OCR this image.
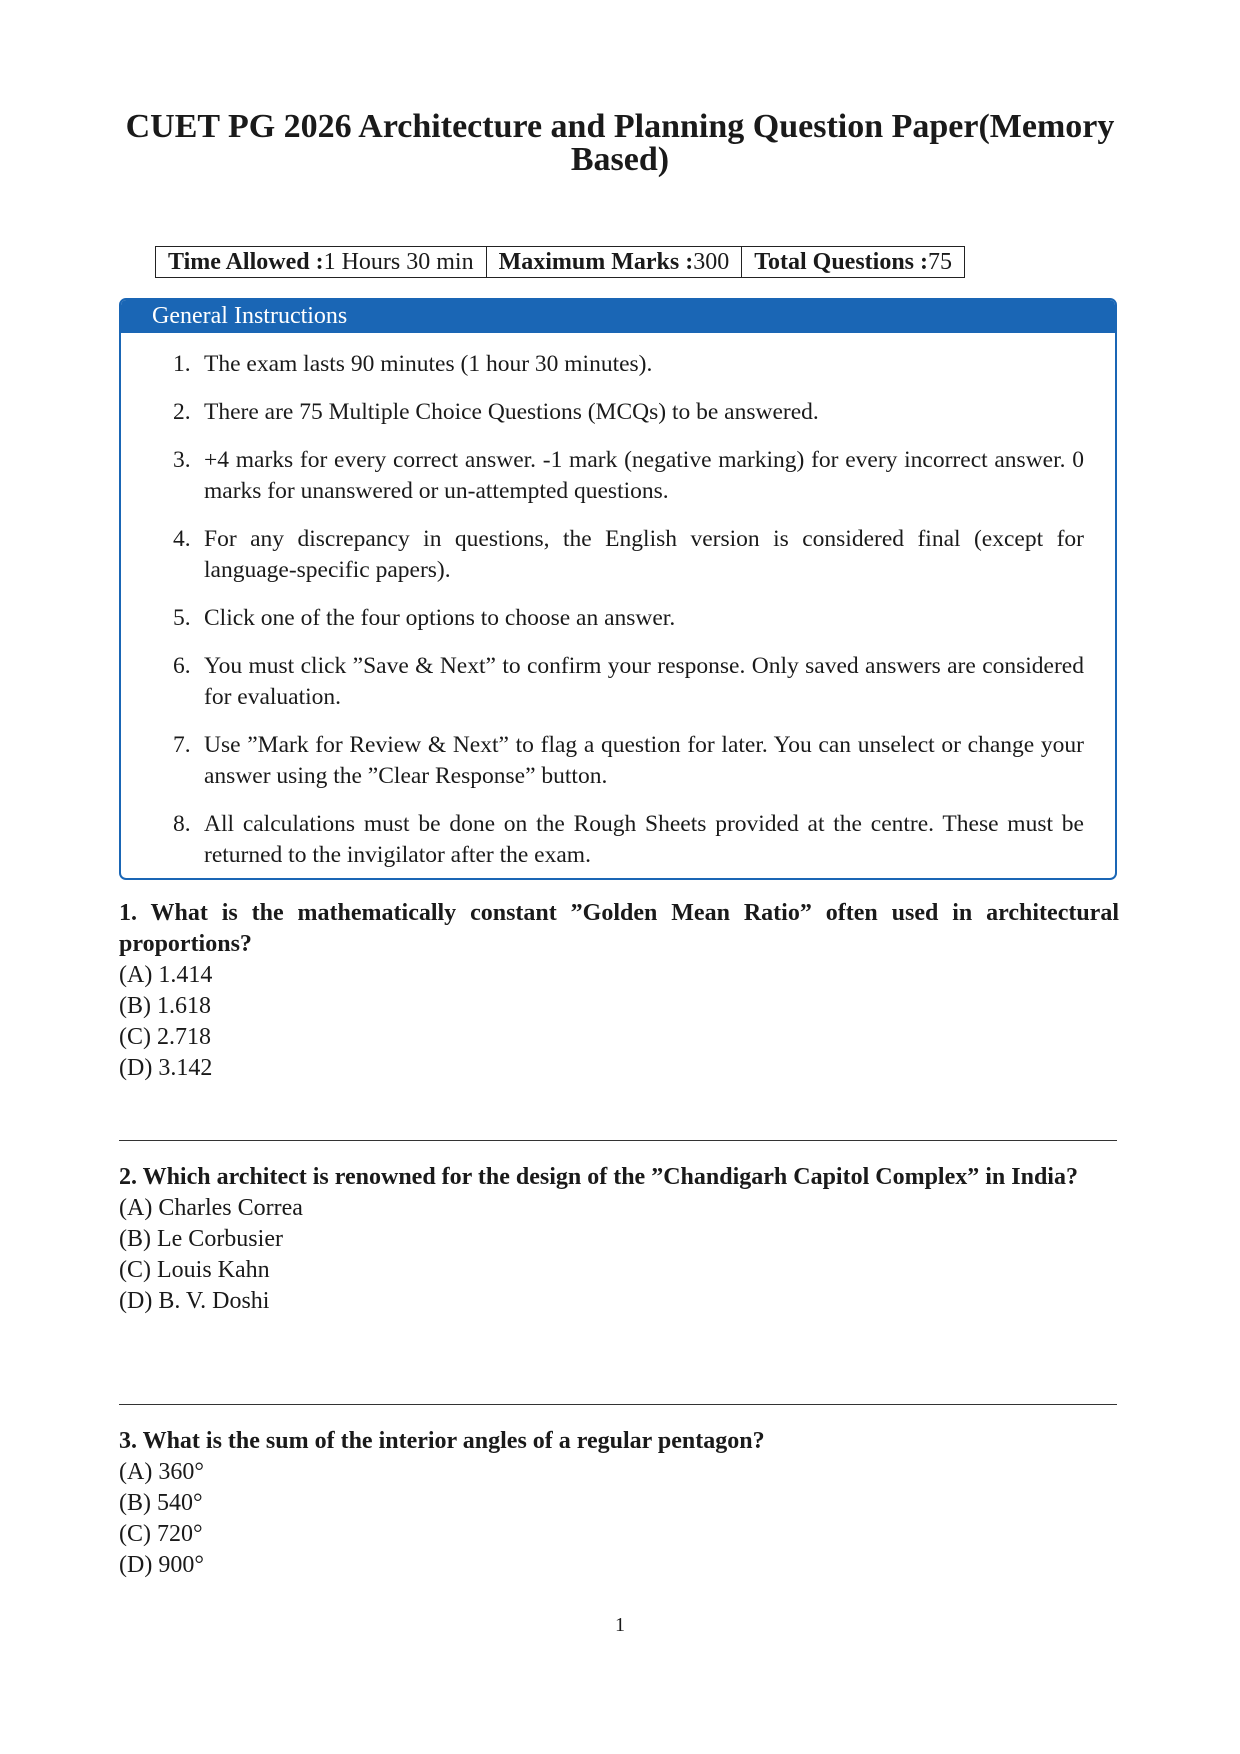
CUET PG 2026 Architecture and Planning Question Paper(Memory Based)
Time Allowed :1 Hours 30 min	Maximum Marks :300	Total Questions :75
General Instructions
1. The exam lasts 90 minutes (1 hour 30 minutes).
2. There are 75 Multiple Choice Questions (MCQs) to be answered.
3. +4 marks for every correct answer. -1 mark (negative marking) for every incorrect answer. 0 marks for unanswered or un-attempted questions.
4. For any discrepancy in questions, the English version is considered final (except for language-specific papers).
5. Click one of the four options to choose an answer.
6. You must click ”Save & Next” to confirm your response. Only saved answers are considered for evaluation.
7. Use ”Mark for Review & Next” to flag a question for later. You can unselect or change your answer using the ”Clear Response” button.
8. All calculations must be done on the Rough Sheets provided at the centre. These must be returned to the invigilator after the exam.
1. What is the mathematically constant ”Golden Mean Ratio” often used in architectural proportions?
(A) 1.414
(B) 1.618
(C) 2.718
(D) 3.142
2. Which architect is renowned for the design of the ”Chandigarh Capitol Complex” in India?
(A) Charles Correa
(B) Le Corbusier
(C) Louis Kahn
(D) B. V. Doshi
3. What is the sum of the interior angles of a regular pentagon?
(A) 360°
(B) 540°
(C) 720°
(D) 900°
1
